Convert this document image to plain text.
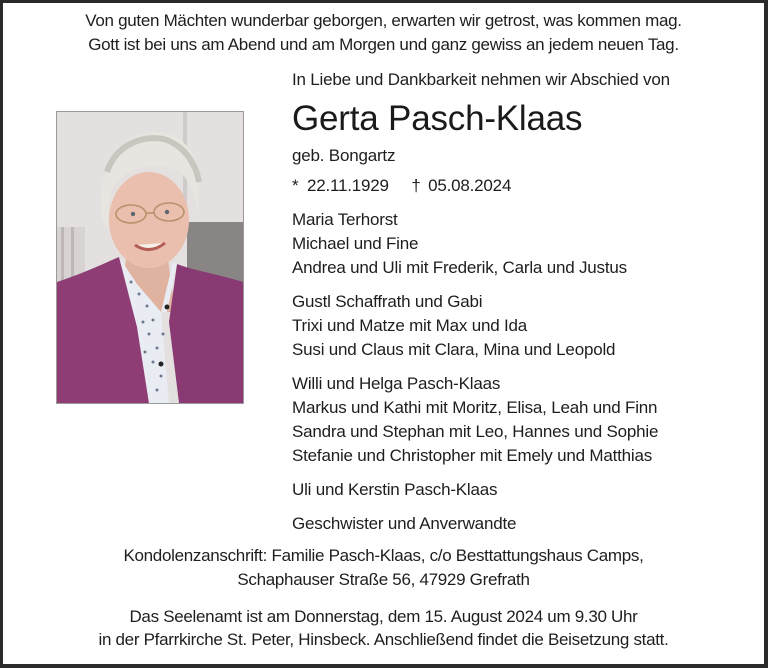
Von guten Mächten wunderbar geborgen, erwarten wir getrost, was kommen mag.
Gott ist bei uns am Abend und am Morgen und ganz gewiss an jedem neuen Tag.
In Liebe und Dankbarkeit nehmen wir Abschied von
Gerta Pasch-Klaas
geb. Bongartz
* 22.11.1929 † 05.08.2024
Maria Terhorst
Michael und Fine
Andrea und Uli mit Frederik, Carla und Justus
Gustl Schaffrath und Gabi
Trixi und Matze mit Max und Ida
Susi und Claus mit Clara, Mina und Leopold
Willi und Helga Pasch-Klaas
Markus und Kathi mit Moritz, Elisa, Leah und Finn
Sandra und Stephan mit Leo, Hannes und Sophie
Stefanie und Christopher mit Emely und Matthias
Uli und Kerstin Pasch-Klaas
Geschwister und Anverwandte
Kondolenzanschrift: Familie Pasch-Klaas, c/o Besttattungshaus Camps,
Schaphauser Straße 56, 47929 Grefrath
Das Seelenamt ist am Donnerstag, dem 15. August 2024 um 9.30 Uhr
in der Pfarrkirche St. Peter, Hinsbeck. Anschließend findet die Beisetzung statt.
